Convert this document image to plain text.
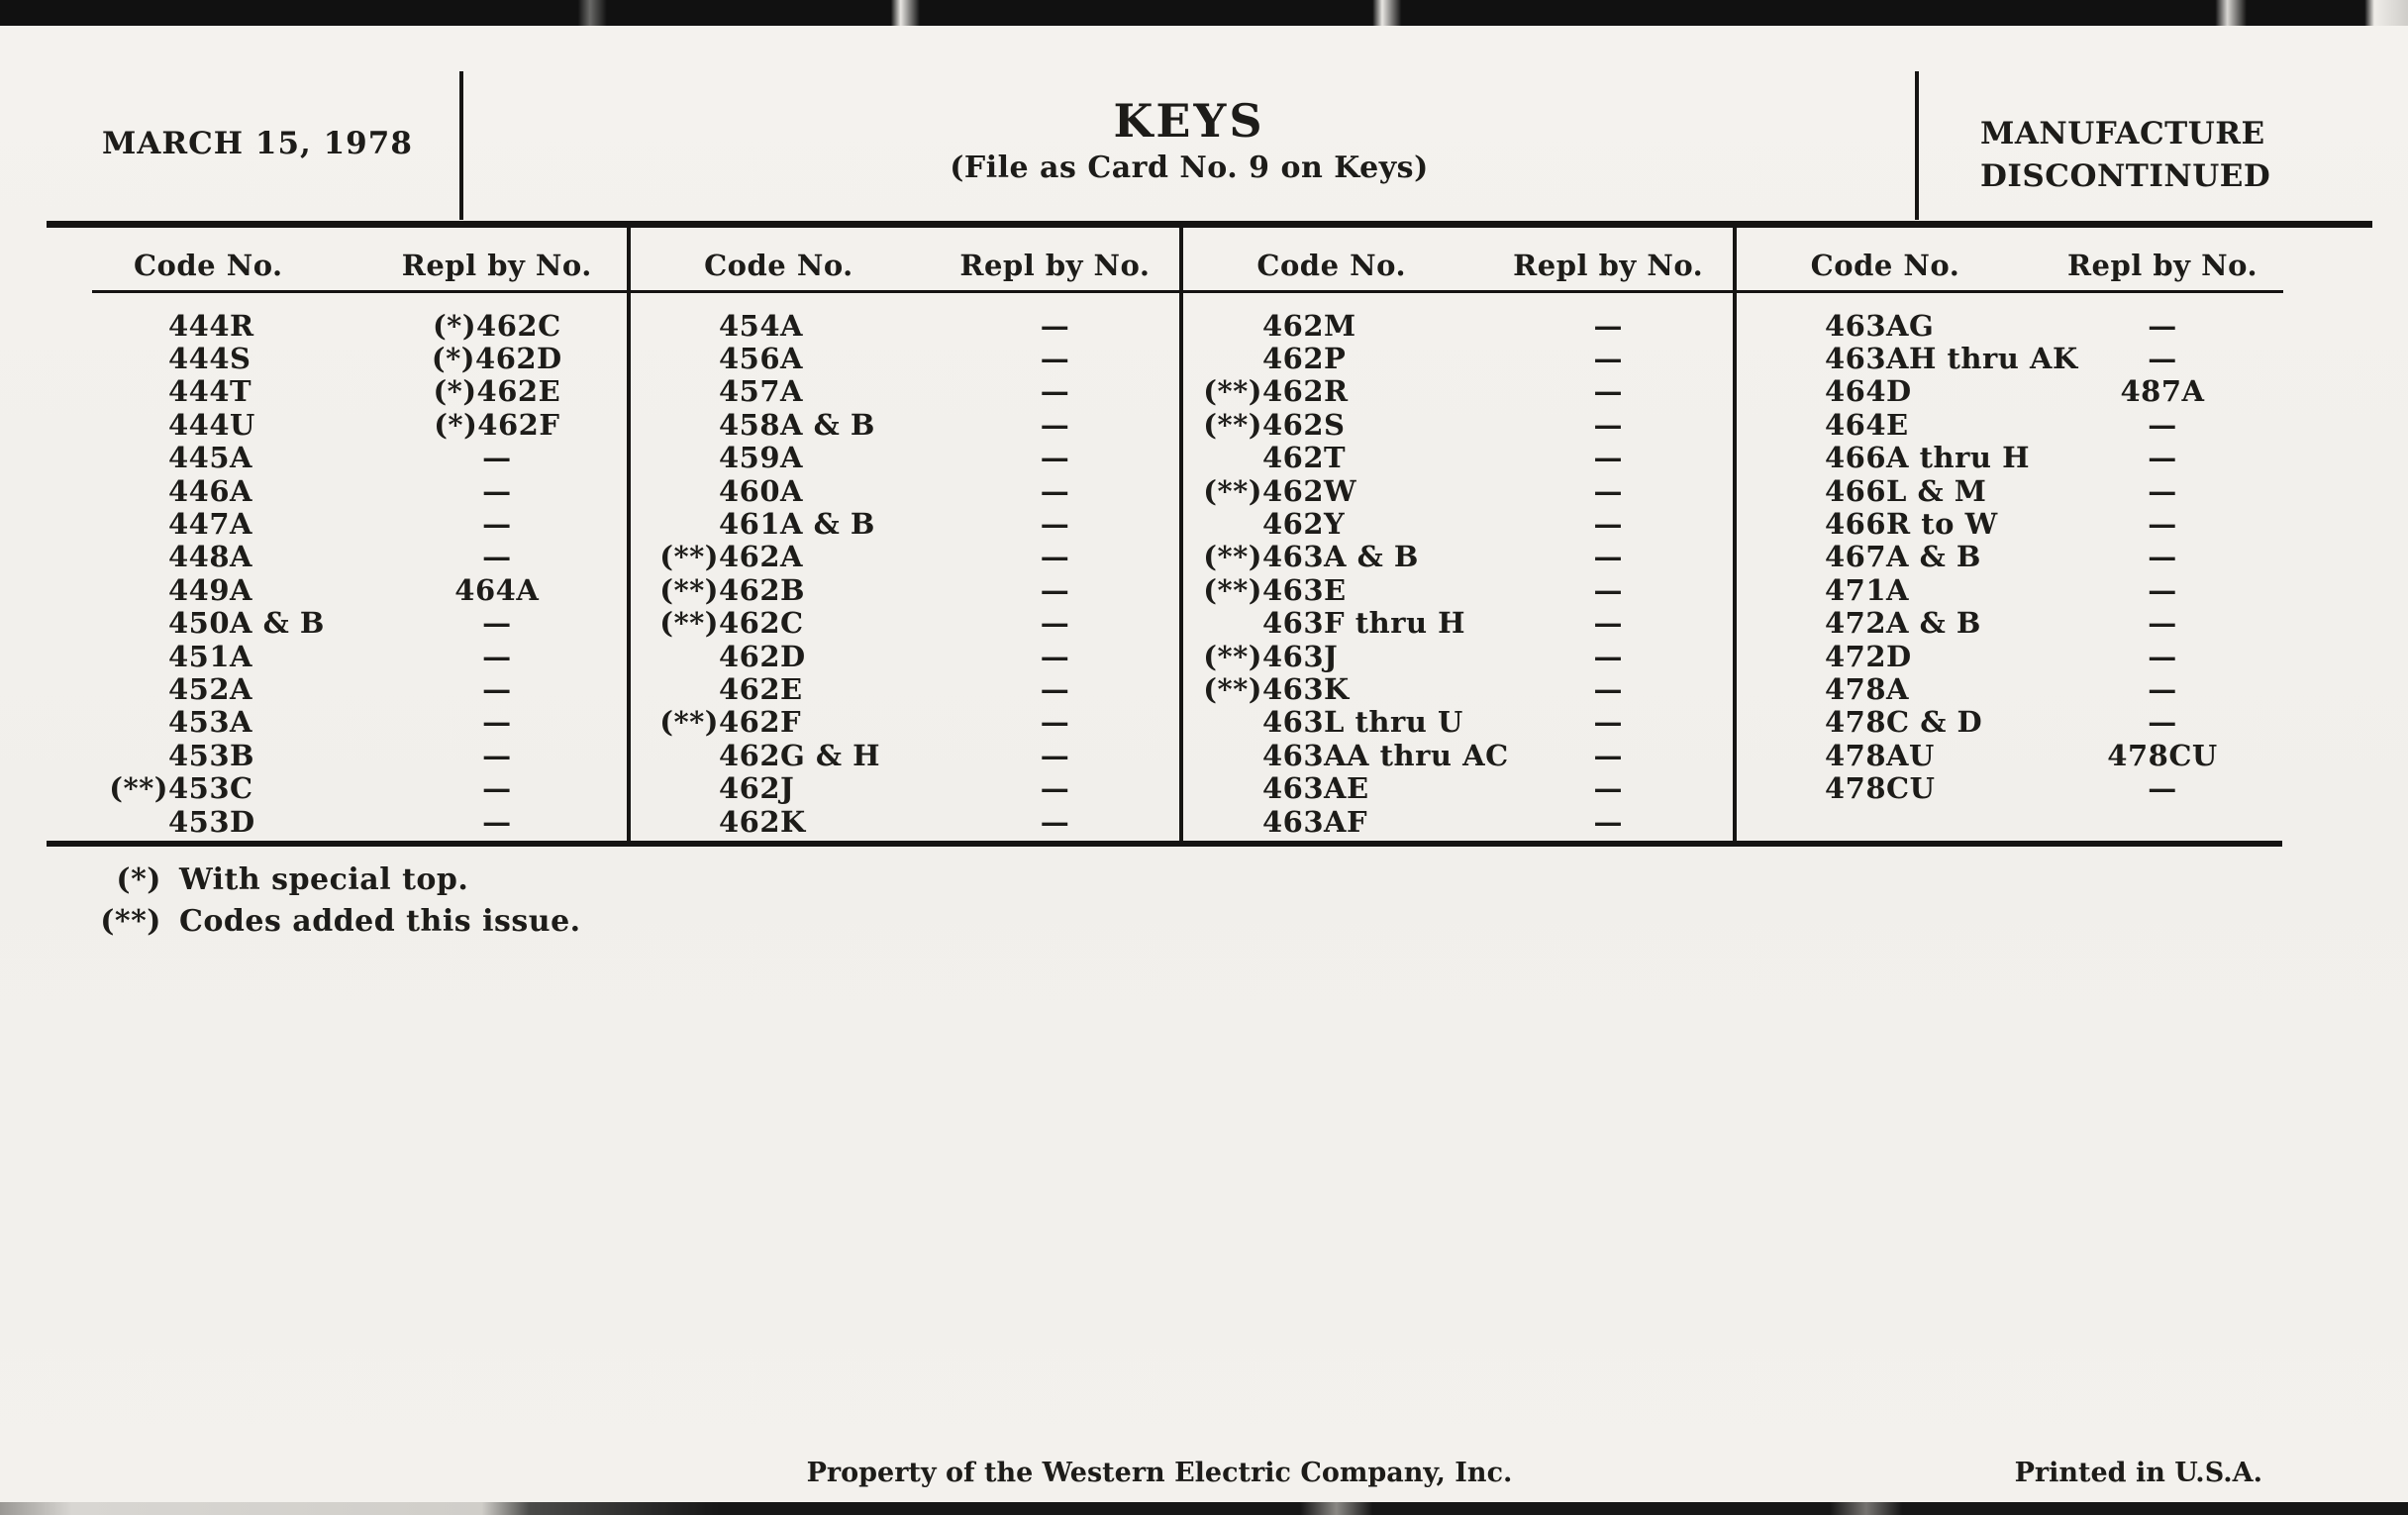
MARCH 15, 1978	KEYS
(File as Card No. 9 on Keys)
MANUFACTURE
DISCONTINUED
Code No.	Repl by No.
444R	(*)462C
444S	(*)462D
444T	(*)462E
444U	(*)462F
445A	—
446A	—
447A	—
448A	—
449A	464A
450A & B	—
451A	—
452A	—
453A	—
453B	—
(**) 453C	—
453D	—
Code No.	Repl by No.
454A	—
456A	—
457A	—
458A & B	—
459A	—
460A	—
461A & B	—
(**) 462A	—
(**) 462B	—
(**) 462C	—
462D	—
462E	—
(**) 462F	—
462G & H	—
462J	—
462K	—
Code No.	Repl by No.
462M	—
462P	—
(**) 462R	—
(**) 462S	—
462T	—
(**) 462W	—
462Y	—
(**) 463A & B	—
(**) 463E	—
463F thru H	—
(**) 463J	—
(**) 463K	—
463L thru U	—
463AA thru AC	—
463AE	—
463AF	—
Code No.	Repl by No.
463AG	—
463AH thru AK	—
464D	487A
464E	—
466A thru H	—
466L & M	—
466R to W	—
467A & B	—
471A	—
472A & B	—
472D	—
478A	—
478C & D	—
478AU	478CU
478CU	—
(*) With special top.
(**) Codes added this issue.
Property of the Western Electric Company, Inc.	Printed in U.S.A.
